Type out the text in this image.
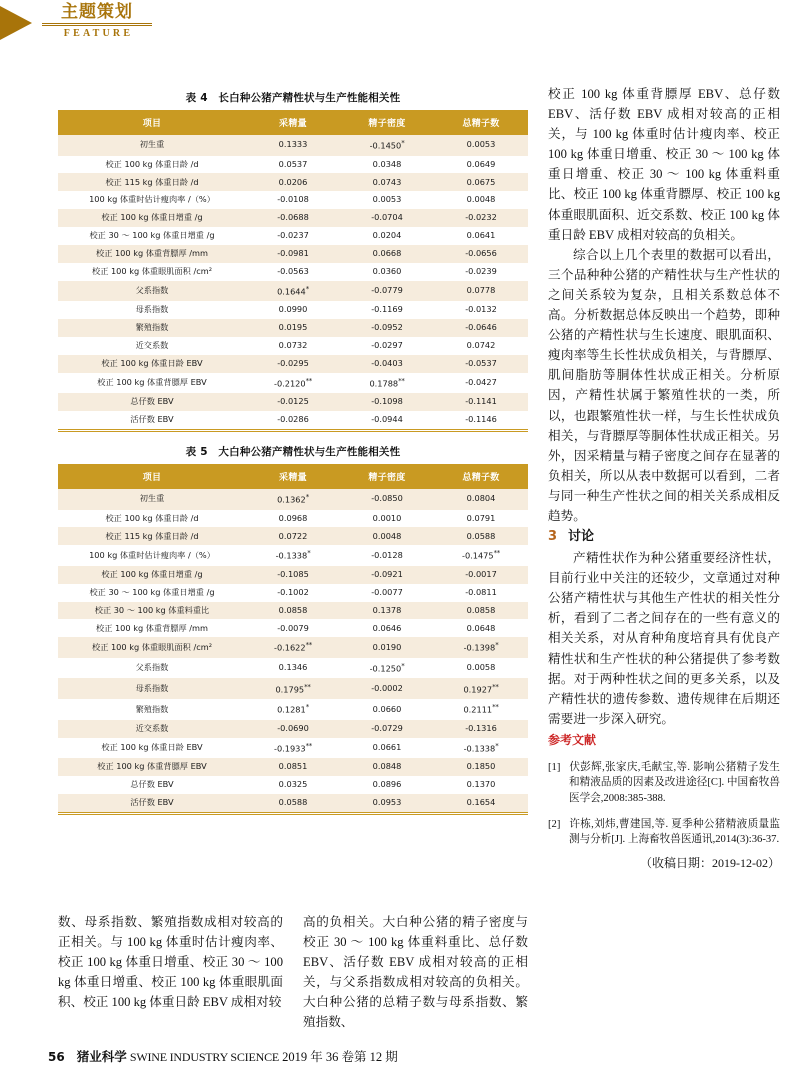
主题策划
FEATURE
表 4　长白种公猪产精性状与生产性能相关性
项目	采精量	精子密度	总精子数
初生重	0.1333	-0.1450*	0.0053
校正 100 kg 体重日龄 /d	0.0537	0.0348	0.0649
校正 115 kg 体重日龄 /d	0.0206	0.0743	0.0675
100 kg 体重时估计瘦肉率 /（%）	-0.0108	0.0053	0.0048
校正 100 kg 体重日增重 /g	-0.0688	-0.0704	-0.0232
校正 30 ～ 100 kg 体重日增重 /g	-0.0237	0.0204	0.0641
校正 100 kg 体重背膘厚 /mm	-0.0981	0.0668	-0.0656
校正 100 kg 体重眼肌面积 /cm²	-0.0563	0.0360	-0.0239
父系指数	0.1644*	-0.0779	0.0778
母系指数	0.0990	-0.1169	-0.0132
繁殖指数	0.0195	-0.0952	-0.0646
近交系数	0.0732	-0.0297	0.0742
校正 100 kg 体重日龄 EBV	-0.0295	-0.0403	-0.0537
校正 100 kg 体重背膘厚 EBV	-0.2120**	0.1788**	-0.0427
总仔数 EBV	-0.0125	-0.1098	-0.1141
活仔数 EBV	-0.0286	-0.0944	-0.1146
表 5　大白种公猪产精性状与生产性能相关性
项目	采精量	精子密度	总精子数
初生重	0.1362*	-0.0850	0.0804
校正 100 kg 体重日龄 /d	0.0968	0.0010	0.0791
校正 115 kg 体重日龄 /d	0.0722	0.0048	0.0588
100 kg 体重时估计瘦肉率 /（%）	-0.1338*	-0.0128	-0.1475**
校正 100 kg 体重日增重 /g	-0.1085	-0.0921	-0.0017
校正 30 ～ 100 kg 体重日增重 /g	-0.1002	-0.0077	-0.0811
校正 30 ～ 100 kg 体重料重比	0.0858	0.1378	0.0858
校正 100 kg 体重背膘厚 /mm	-0.0079	0.0646	0.0648
校正 100 kg 体重眼肌面积 /cm²	-0.1622**	0.0190	-0.1398*
父系指数	0.1346	-0.1250*	0.0058
母系指数	0.1795**	-0.0002	0.1927**
繁殖指数	0.1281*	0.0660	0.2111**
近交系数	-0.0690	-0.0729	-0.1316
校正 100 kg 体重日龄 EBV	-0.1933**	0.0661	-0.1338*
校正 100 kg 体重背膘厚 EBV	0.0851	0.0848	0.1850
总仔数 EBV	0.0325	0.0896	0.1370
活仔数 EBV	0.0588	0.0953	0.1654

校正 100 kg 体重背膘厚 EBV、总仔数 EBV、活仔数 EBV 成相对较高的正相关，与 100 kg 体重时估计瘦肉率、校正 100 kg 体重日增重、校正 30 ～ 100 kg 体重日增重、校正 30 ～ 100 kg 体重料重比、校正 100 kg 体重背膘厚、校正 100 kg 体重眼肌面积、近交系数、校正 100 kg 体重日龄 EBV 成相对较高的负相关。

综合以上几个表里的数据可以看出，三个品种种公猪的产精性状与生产性状的之间关系较为复杂，且相关系数总体不高。分析数据总体反映出一个趋势，即种公猪的产精性状与生长速度、眼肌面积、瘦肉率等生长性状成负相关，与背膘厚、肌间脂肪等胴体性状成正相关。分析原因，产精性状属于繁殖性状的一类，所以，也跟繁殖性状一样，与生长性状成负相关，与背膘厚等胴体性状成正相关。另外，因采精量与精子密度之间存在显著的负相关，所以从表中数据可以看到，二者与同一种生产性状之间的相关关系成相反趋势。

3 讨论

产精性状作为种公猪重要经济性状，目前行业中关注的还较少，文章通过对种公猪产精性状与其他生产性状的相关性分析，看到了二者之间存在的一些有意义的相关关系，对从育种角度培育具有优良产精性状和生产性状的种公猪提供了参考数据。对于两种性状之间的更多关系，以及产精性状的遗传参数、遗传规律在后期还需要进一步深入研究。

参考文献

[1] 伏彭辉,张家庆,毛献宝,等. 影响公猪精子发生和精液品质的因素及改进途径[C]. 中国畜牧兽医学会,2008:385-388.

[2] 许栋,刘炜,曹建国,等. 夏季种公猪精液质量监测与分析[J]. 上海畜牧兽医通讯,2014(3):36-37.

（收稿日期：2019-12-02）

数、母系指数、繁殖指数成相对较高的正相关。与 100 kg 体重时估计瘦肉率、校正 100 kg 体重日增重、校正 30 ～ 100 kg 体重日增重、校正 100 kg 体重眼肌面积、校正 100 kg 体重日龄 EBV 成相对较

高的负相关。大白种公猪的精子密度与校正 30 ～ 100 kg 体重料重比、总仔数 EBV、活仔数 EBV 成相对较高的正相关，与父系指数成相对较高的负相关。大白种公猪的总精子数与母系指数、繁殖指数、

56 猪业科学 SWINE INDUSTRY SCIENCE 2019 年 36 卷第 12 期
